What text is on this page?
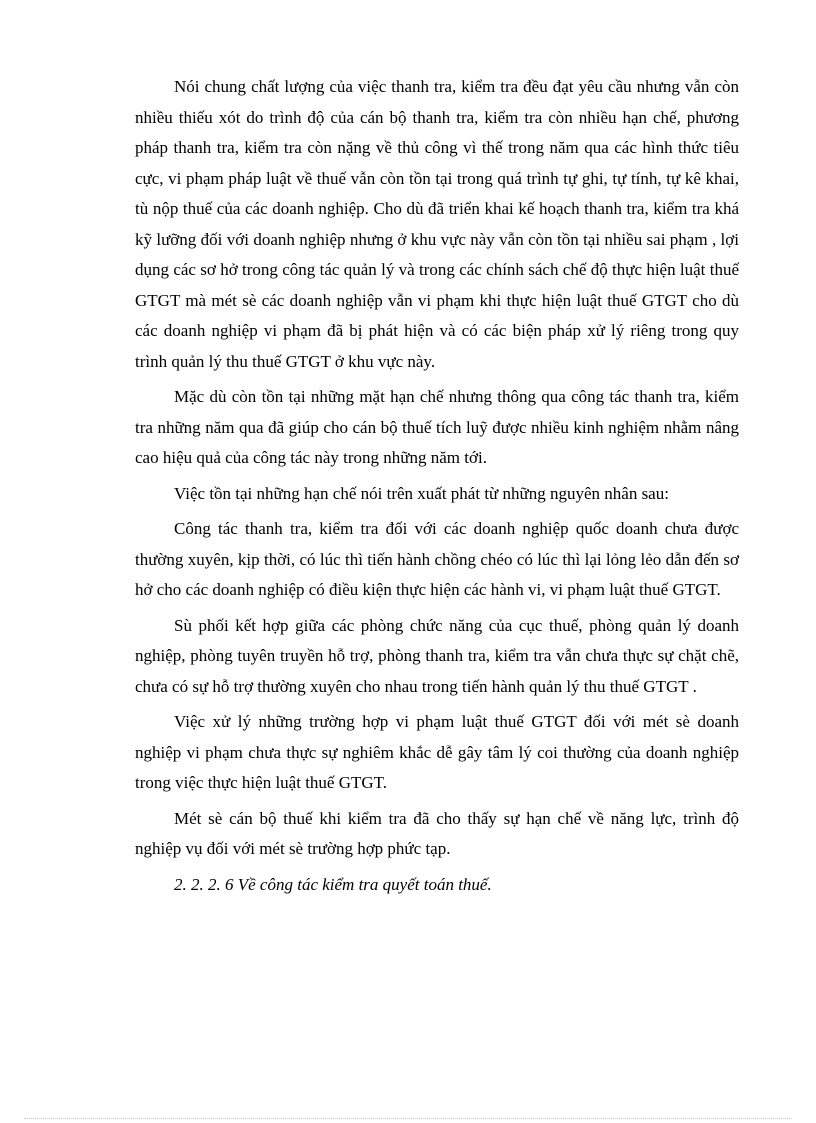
Nói chung chất lượng của việc thanh tra, kiểm tra đều đạt yêu cầu nhưng vẫn còn nhiều thiếu xót do trình độ của cán bộ thanh tra, kiểm tra còn nhiều hạn chế, phương pháp thanh tra, kiểm tra còn nặng về thủ công vì thế trong năm qua các hình thức tiêu cực, vi phạm pháp luật về thuế vẫn còn tồn tại trong quá trình tự ghi, tự tính, tự kê khai, tù nộp thuế của các doanh nghiệp. Cho dù đã triển khai kế hoạch thanh tra, kiểm tra khá kỹ lưỡng đối với doanh nghiệp nhưng ở khu vực này vẫn còn tồn tại nhiều sai phạm , lợi dụng các sơ hở trong công tác quản lý và trong các chính sách chế độ thực hiện luật thuế GTGT mà mét sè các doanh nghiệp vẫn vi phạm khi thực hiện luật thuế GTGT cho dù các doanh nghiệp vi phạm đã bị phát hiện và có các biện pháp xử lý riêng trong quy trình quản lý thu thuế GTGT ở khu vực này.

Mặc dù còn tồn tại những mặt hạn chế nhưng thông qua công tác thanh tra, kiểm tra những năm qua đã giúp cho cán bộ thuế tích luỹ được nhiều kinh nghiệm nhằm nâng cao hiệu quả của công tác này trong những năm tới.

Việc tồn tại những hạn chế nói trên xuất phát từ những nguyên nhân sau:

Công tác thanh tra, kiểm tra đối với các doanh nghiệp quốc doanh chưa được thường xuyên, kịp thời, có lúc thì tiến hành chồng chéo có lúc thì lại lỏng lẻo dẫn đến sơ hở cho các doanh nghiệp có điều kiện thực hiện các hành vi, vi phạm luật thuế GTGT.

Sù phối kết hợp giữa các phòng chức năng của cục thuế, phòng quản lý doanh nghiệp, phòng tuyên truyền hỗ trợ, phòng thanh tra, kiểm tra vẫn chưa thực sự chặt chẽ, chưa có sự hỗ trợ thường xuyên cho nhau trong tiến hành quản lý thu thuế GTGT .

Việc xử lý những trường hợp vi phạm luật thuế GTGT đối với mét sè doanh nghiệp vi phạm chưa thực sự nghiêm khắc dễ gây tâm lý coi thường của doanh nghiệp trong việc thực hiện luật thuế GTGT.

Mét sè cán bộ thuế khi kiểm tra đã cho thấy sự hạn chế về năng lực, trình độ nghiệp vụ đối với mét sè trường hợp phức tạp.

2. 2. 2. 6 Về công tác kiểm tra quyết toán thuế.
